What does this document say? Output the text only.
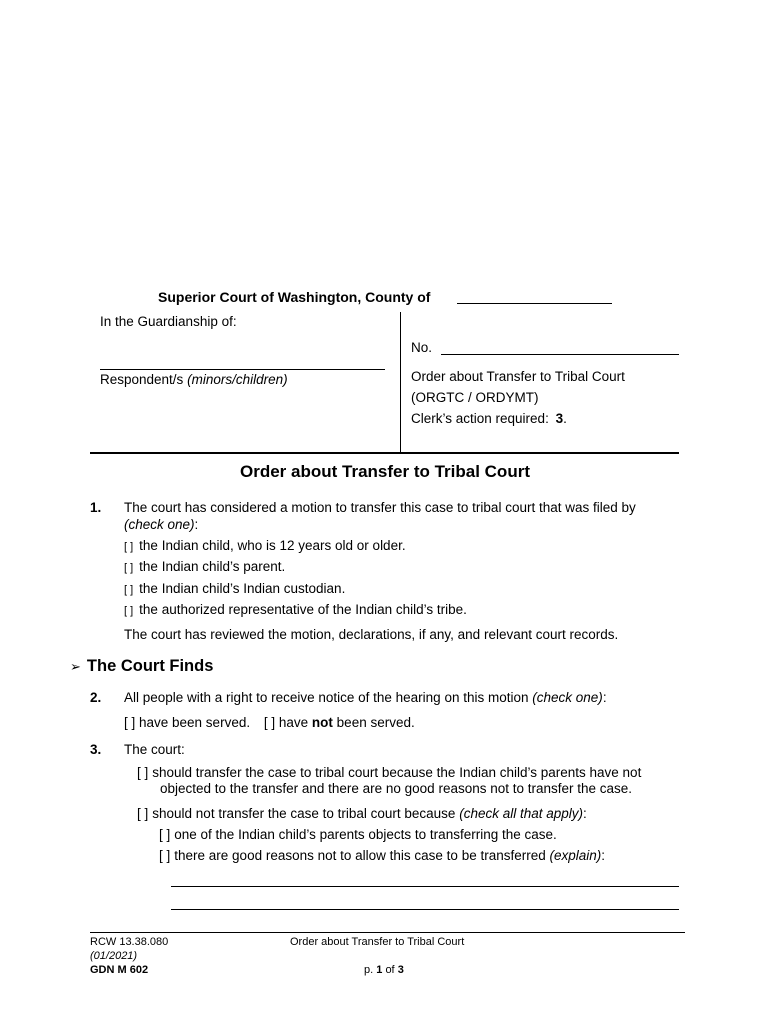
Superior Court of Washington, County of
In the Guardianship of:
No.
Respondent/s (minors/children)	Order about Transfer to Tribal Court
(ORGTC / ORDYMT)
Clerk’s action required: 3.
Order about Transfer to Tribal Court
1. The court has considered a motion to transfer this case to tribal court that was filed by
(check one):
[ ] the Indian child, who is 12 years old or older.
[ ] the Indian child’s parent.
[ ] the Indian child’s Indian custodian.
[ ] the authorized representative of the Indian child’s tribe.
The court has reviewed the motion, declarations, if any, and relevant court records.
➢ The Court Finds
2. All people with a right to receive notice of the hearing on this motion (check one):
[ ] have been served. [ ] have not been served.
3. The court:
[ ] should transfer the case to tribal court because the Indian child’s parents have not
objected to the transfer and there are no good reasons not to transfer the case.
[ ] should not transfer the case to tribal court because (check all that apply):
[ ] one of the Indian child’s parents objects to transferring the case.
[ ] there are good reasons not to allow this case to be transferred (explain):
RCW 13.38.080
(01/2021)
GDN M 602
Order about Transfer to Tribal Court
p. 1 of 3
